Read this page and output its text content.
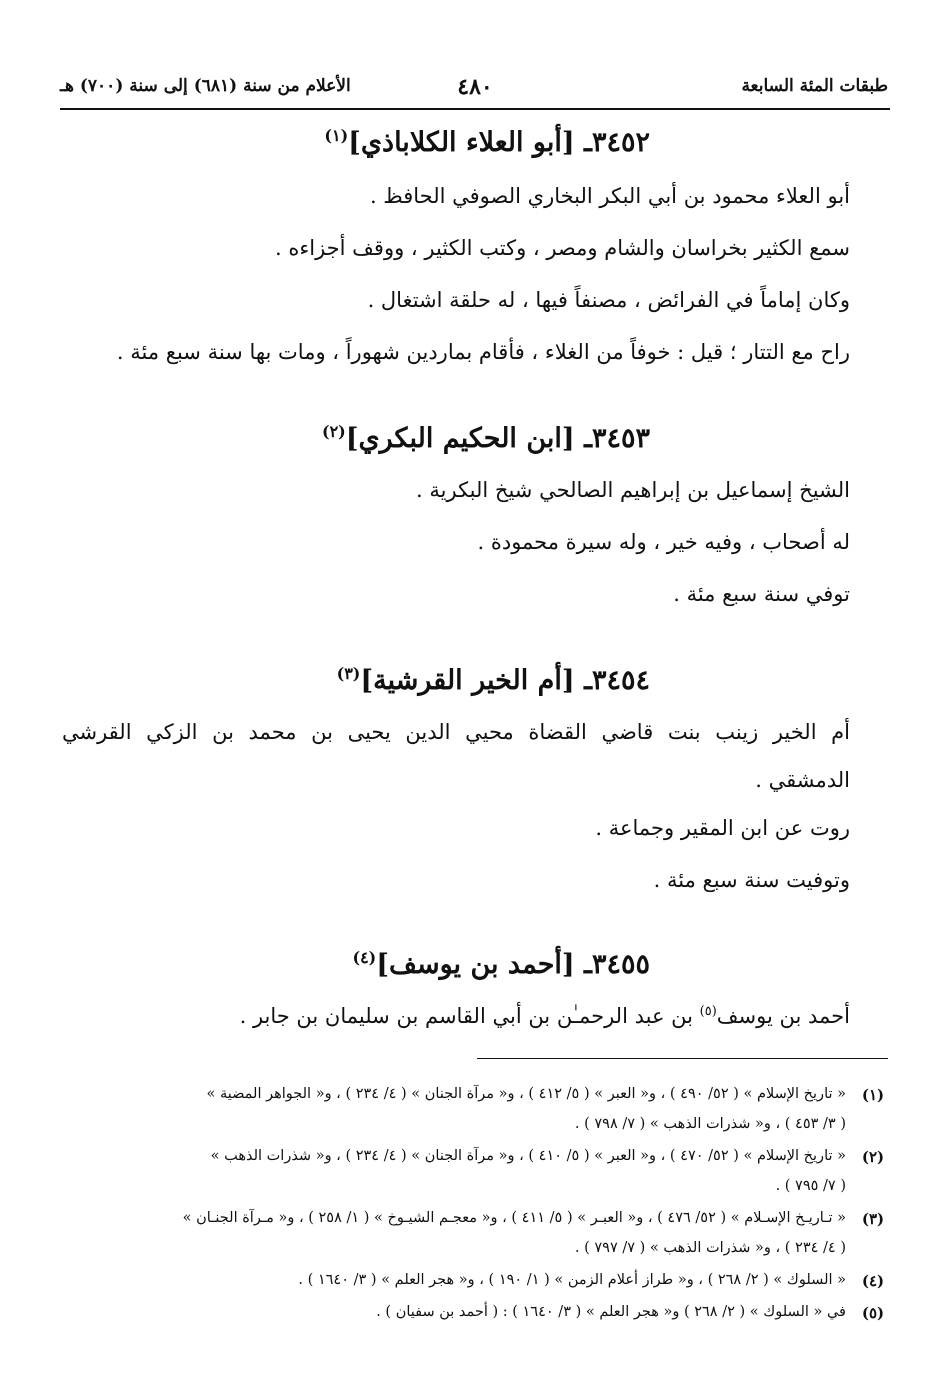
طبقات المئة السابعة
٤٨٠
الأعلام من سنة (٦٨١) إلى سنة (٧٠٠) هـ
٣٤٥٢ـ [أبو العلاء الكلاباذي]$^{(١)}$
أبو العلاء محمود بن أبي البكر البخاري الصوفي الحافظ .
سمع الكثير بخراسان والشام ومصر ، وكتب الكثير ، ووقف أجزاءه .
وكان إماماً في الفرائض ، مصنفاً فيها ، له حلقة اشتغال .
راح مع التتار ؛ قيل : خوفاً من الغلاء ، فأقام بماردين شهوراً ، ومات بها سنة سبع مئة .
٣٤٥٣ـ [ابن الحكيم البكري]$^{(٢)}$
الشيخ إسماعيل بن إبراهيم الصالحي شيخ البكرية .
له أصحاب ، وفيه خير ، وله سيرة محمودة .
توفي سنة سبع مئة .
٣٤٥٤ـ [أم الخير القرشية]$^{(٣)}$
أم الخير زينب بنت قاضي القضاة محيي الدين يحيى بن محمد بن الزكي القرشي
الدمشقي .
روت عن ابن المقير وجماعة .
وتوفيت سنة سبع مئة .
٣٤٥٥ـ [أحمد بن يوسف]$^{(٤)}$
أحمد بن يوسف$^{(٥)}$ بن عبد الرحمـٰن بن أبي القاسم بن سليمان بن جابر .
(١)
« تاريخ الإسلام » ( ٥٢/ ٤٩٠ ) ، و« العبر » ( ٥/ ٤١٢ ) ، و« مرآة الجنان » ( ٤/ ٢٣٤ ) ، و« الجواهر المضية »
( ٣/ ٤٥٣ ) ، و« شذرات الذهب » ( ٧/ ٧٩٨ ) .
(٢)
« تاريخ الإسلام » ( ٥٢/ ٤٧٠ ) ، و« العبر » ( ٥/ ٤١٠ ) ، و« مرآة الجنان » ( ٤/ ٢٣٤ ) ، و« شذرات الذهب »
( ٧/ ٧٩٥ ) .
(٣)
« تـاريـخ الإسـلام » ( ٥٢/ ٤٧٦ ) ، و« العبـر » ( ٥/ ٤١١ ) ، و« معجـم الشيـوخ » ( ١/ ٢٥٨ ) ، و« مـرآة الجنـان »
( ٤/ ٢٣٤ ) ، و« شذرات الذهب » ( ٧/ ٧٩٧ ) .
(٤)
« السلوك » ( ٢/ ٢٦٨ ) ، و« طراز أعلام الزمن » ( ١/ ١٩٠ ) ، و« هجر العلم » ( ٣/ ١٦٤٠ ) .
(٥)
في « السلوك » ( ٢/ ٢٦٨ ) و« هجر العلم » ( ٣/ ١٦٤٠ ) : ( أحمد بن سفيان ) .
